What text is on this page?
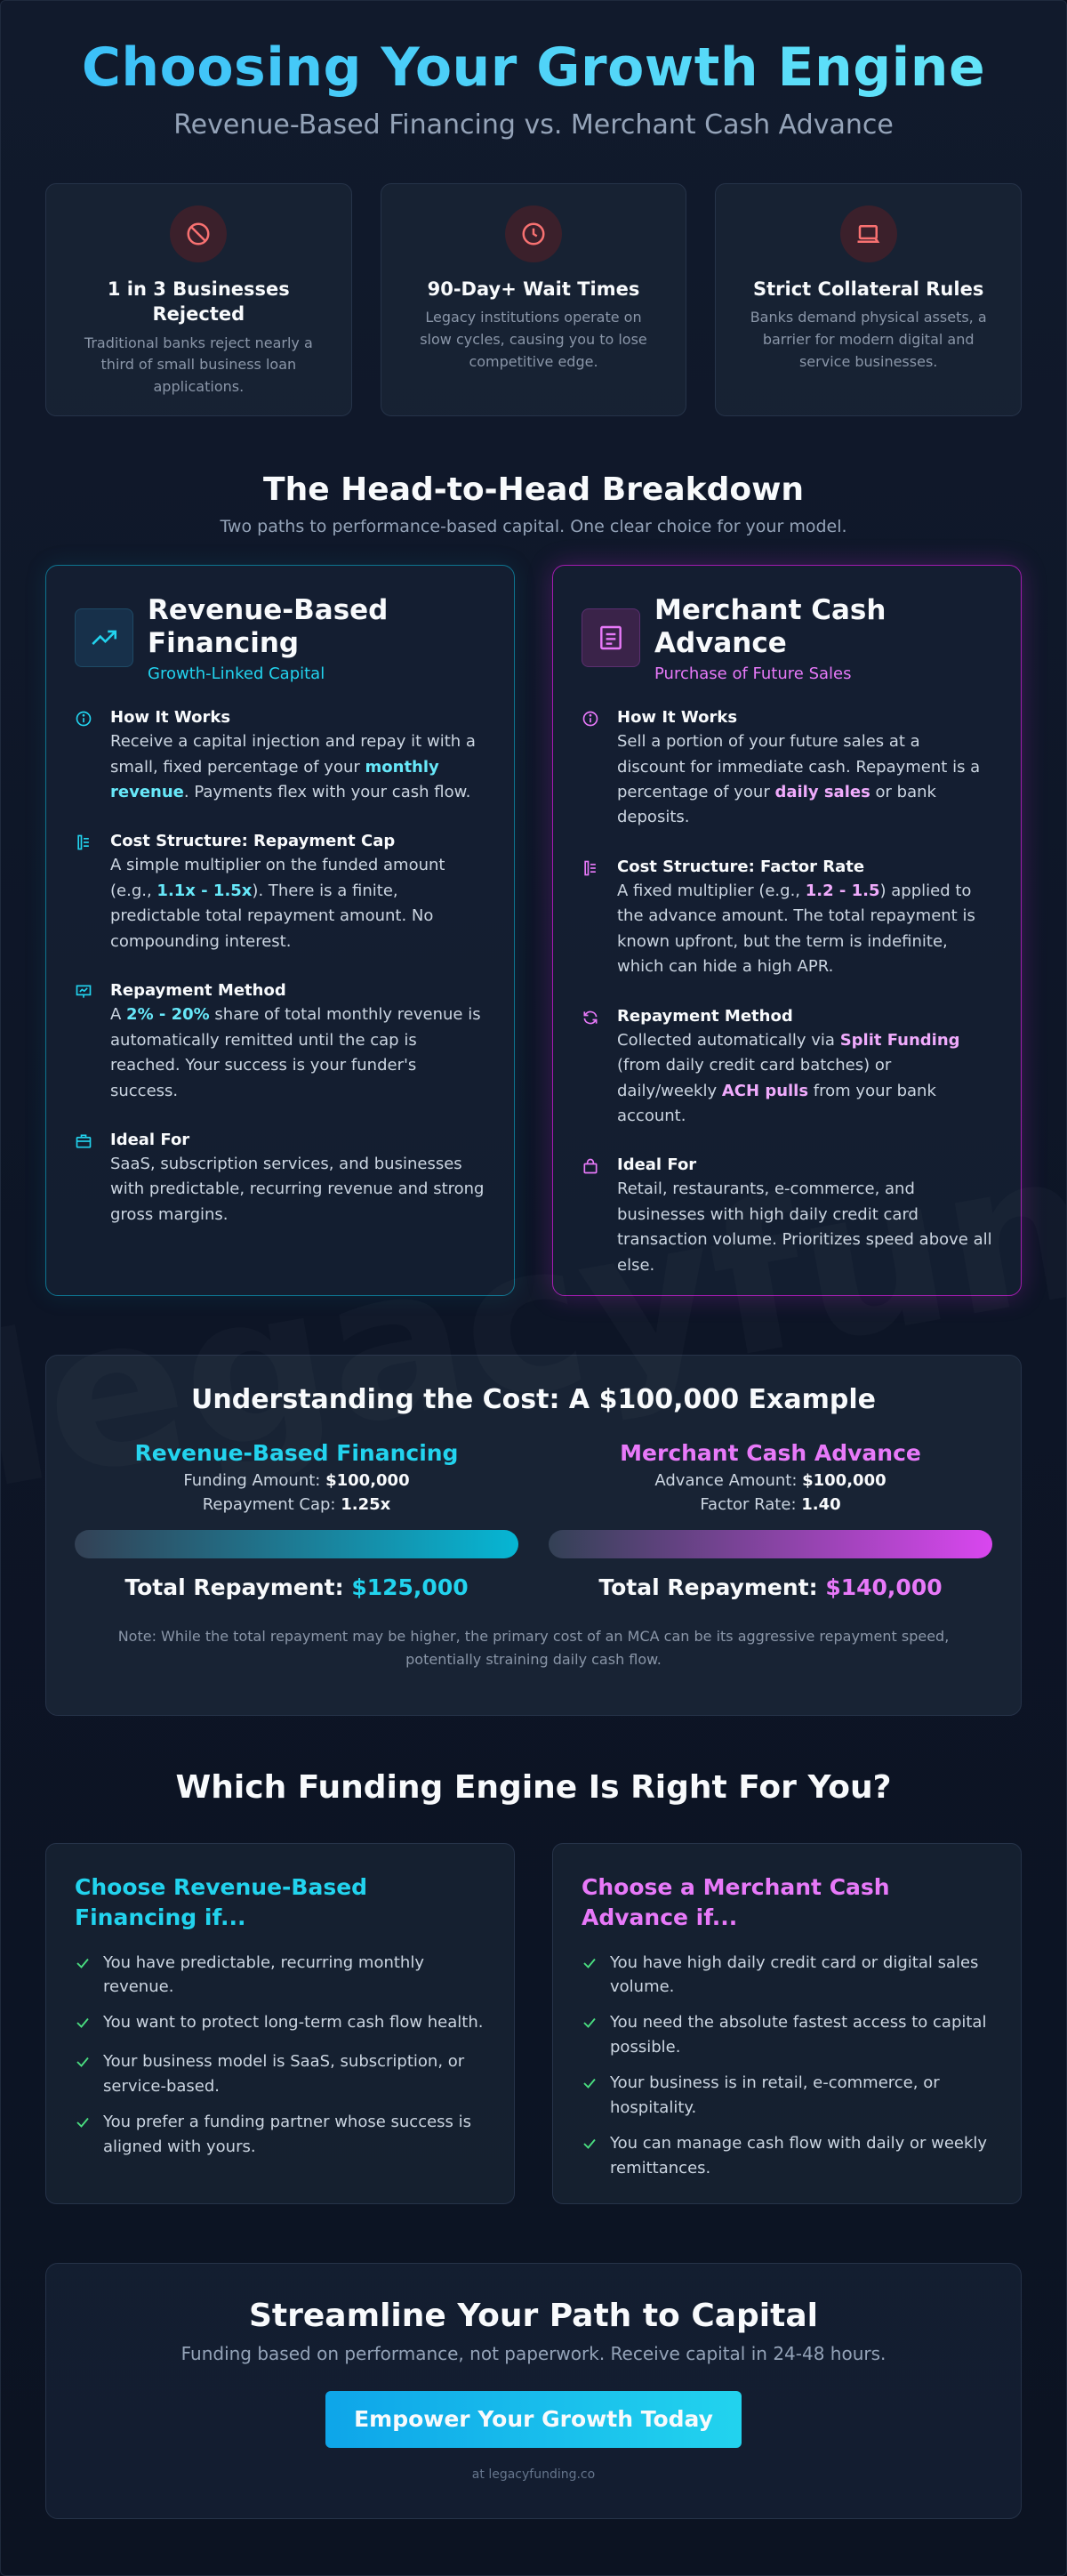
Choosing Your Growth Engine
Revenue-Based Financing vs. Merchant Cash Advance
1 in 3 Businesses Rejected
Traditional banks reject nearly a third of small business loan applications.
90-Day+ Wait Times
Legacy institutions operate on slow cycles, causing you to lose competitive edge.
Strict Collateral Rules
Banks demand physical assets, a barrier for modern digital and service businesses.
The Head-to-Head Breakdown

Two paths to performance-based capital. One clear choice for your model.

Revenue-Based Financing
Growth-Linked Capital
How It Works
Receive a capital injection and repay it with a small, fixed percentage of your monthly revenue. Payments flex with your cash flow.
Cost Structure: Repayment Cap
A simple multiplier on the funded amount (e.g., 1.1x - 1.5x). There is a finite, predictable total repayment amount. No compounding interest.
Repayment Method
A 2% - 20% share of total monthly revenue is automatically remitted until the cap is reached. Your success is your funder's success.
Ideal For
SaaS, subscription services, and businesses with predictable, recurring revenue and strong gross margins.
Merchant Cash Advance
Purchase of Future Sales
How It Works
Sell a portion of your future sales at a discount for immediate cash. Repayment is a percentage of your daily sales or bank deposits.
Cost Structure: Factor Rate
A fixed multiplier (e.g., 1.2 - 1.5) applied to the advance amount. The total repayment is known upfront, but the term is indefinite, which can hide a high APR.
Repayment Method
Collected automatically via Split Funding (from daily credit card batches) or daily/weekly ACH pulls from your bank account.
Ideal For
Retail, restaurants, e-commerce, and businesses with high daily credit card transaction volume. Prioritizes speed above all else.
Understanding the Cost: A $100,000 Example
Revenue-Based Financing
Funding Amount: $100,000
Repayment Cap: 1.25x
Total Repayment: $125,000
Merchant Cash Advance
Advance Amount: $100,000
Factor Rate: 1.40
Total Repayment: $140,000
Note: While the total repayment may be higher, the primary cost of an MCA can be its aggressive repayment speed, potentially straining daily cash flow.
Which Funding Engine Is Right For You?
Choose Revenue-Based Financing if...
You have predictable, recurring monthly revenue.
You want to protect long-term cash flow health.
Your business model is SaaS, subscription, or service-based.
You prefer a funding partner whose success is aligned with yours.
Choose a Merchant Cash Advance if...
You have high daily credit card or digital sales volume.
You need the absolute fastest access to capital possible.
Your business is in retail, e-commerce, or hospitality.
You can manage cash flow with daily or weekly remittances.
Streamline Your Path to Capital

Funding based on performance, not paperwork. Receive capital in 24-48 hours.

Empower Your Growth Today
at legacyfunding.co
